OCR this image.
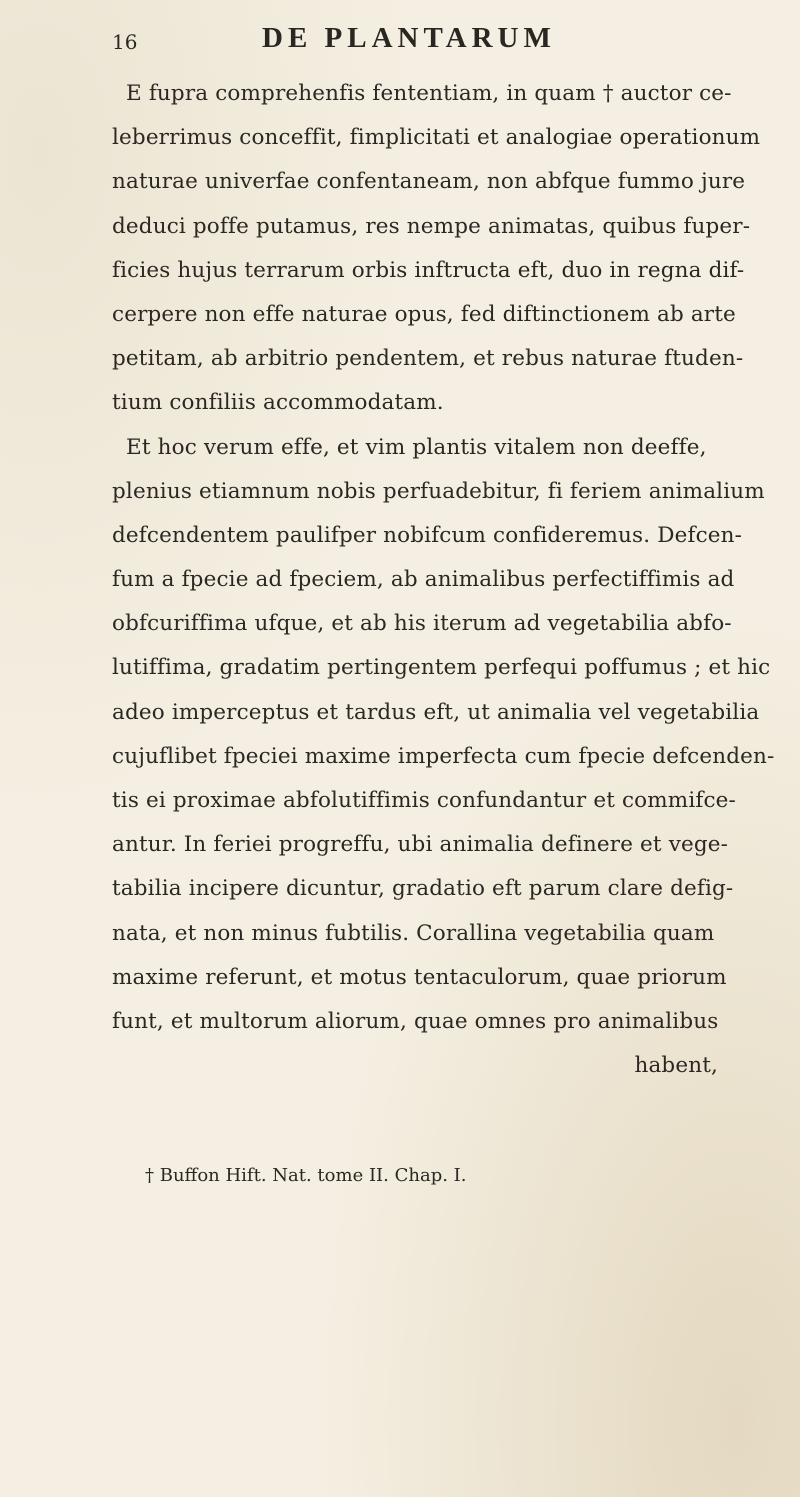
16	DE PLANTARUM
E fupra comprehenfis fententiam, in quam † auctor ce-
leberrimus conceffit, fimplicitati et analogiae operationum
naturae univerfae confentaneam, non abfque fummo jure
deduci poffe putamus, res nempe animatas, quibus fuper-
ficies hujus terrarum orbis inftructa eft, duo in regna dif-
cerpere non effe naturae opus, fed diftinctionem ab arte
petitam, ab arbitrio pendentem, et rebus naturae ftuden-
tium confiliis accommodatam.
Et hoc verum effe, et vim plantis vitalem non deeffe,
plenius etiamnum nobis perfuadebitur, fi feriem animalium
defcendentem paulifper nobifcum confideremus. Defcen-
fum a fpecie ad fpeciem, ab animalibus perfectiffimis ad
obfcuriffima ufque, et ab his iterum ad vegetabilia abfo-
lutiffima, gradatim pertingentem perfequi poffumus ; et hic
adeo imperceptus et tardus eft, ut animalia vel vegetabilia
cujuflibet fpeciei maxime imperfecta cum fpecie defcenden-
tis ei proximae abfolutiffimis confundantur et commifce-
antur. In feriei progreffu, ubi animalia definere et vege-
tabilia incipere dicuntur, gradatio eft parum clare defig-
nata, et non minus fubtilis. Corallina vegetabilia quam
maxime referunt, et motus tentaculorum, quae priorum
funt, et multorum aliorum, quae omnes pro animalibus
habent,
† Buffon Hift. Nat. tome II. Chap. I.
